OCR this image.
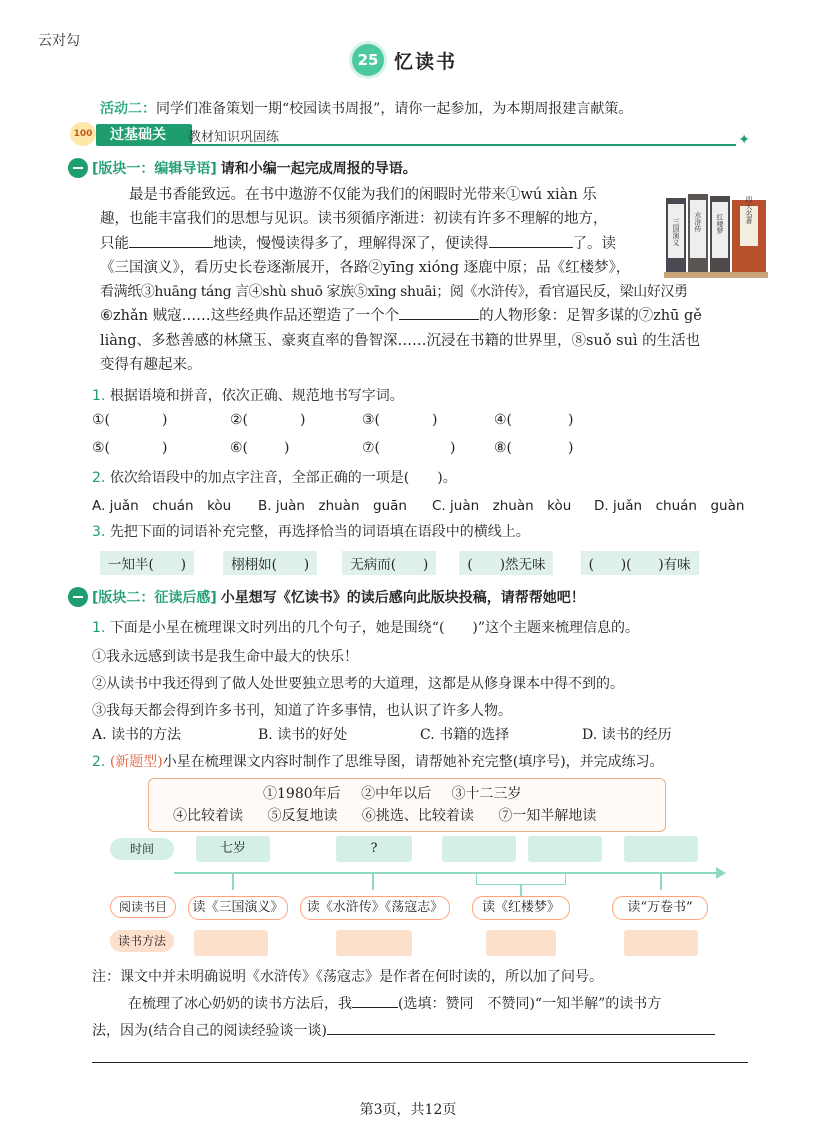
云对勾
25 忆读书
活动二：同学们准备策划一期“校园读书周报”，请你一起参加，为本期周报建言献策。
100	过基础关	教材知识巩固练	✦
[版块一：编辑导语] 请和小编一起完成周报的导语。
　　最是书香能致远。在书中遨游不仅能为我们的闲暇时光带来①wú xiàn 乐
趣，也能丰富我们的思想与见识。读书须循序渐进：初读有许多不理解的地方，
只能	地读，慢慢读得多了，理解得深了，便读得	了。读
《三国演义》，看历史长卷逐渐展开，各路②yīng xióng 逐鹿中原；品《红楼梦》，
看满纸③huāng táng 言④shù shuō 家族⑤xīng shuāi；阅《水浒传》，看官逼民反，梁山好汉勇
⑥zhǎn 贼寇……这些经典作品还塑造了一个个	的人物形象：足智多谋的⑦zhū gě
liàng、多愁善感的林黛玉、豪爽直率的鲁智深……沉浸在书籍的世界里，⑧suǒ suì 的生活也
变得有趣起来。
三国演义 水浒传 红楼梦	四大名著
1. 根据语境和拼音，依次正确、规范地书写字词。
①(	)	②(	)	③(	)	④(	)
⑤(	)	⑥(	)	⑦(	)	⑧(	)
2. 依次给语段中的加点字注音，全部正确的一项是(　　)。
A. juǎn　chuán　kòu B. juàn　zhuàn　guān C. juàn　zhuàn　kòu D. juǎn　chuán　guàn
3. 先把下面的词语补充完整，再选择恰当的词语填在语段中的横线上。
一知半(　　)	栩栩如(　　)	无病而(　　)	(　　)然无味	(　　)(　　)有味
[版块二：征读后感] 小星想写《忆读书》的读后感向此版块投稿，请帮帮她吧！
1. 下面是小星在梳理课文时列出的几个句子，她是围绕“(　　)”这个主题来梳理信息的。
①我永远感到读书是我生命中最大的快乐！
②从读书中我还得到了做人处世要独立思考的大道理，这都是从修身课本中得不到的。
③我每天都会得到许多书刊，知道了许多事情，也认识了许多人物。
A. 读书的方法	B. 读书的好处	C. 书籍的选择	D. 读书的经历
2. (新题型)小星在梳理课文内容时制作了思维导图，请帮她补充完整(填序号)，并完成练习。
①1980年后 ②中年以后 ③十二三岁
④比较着读 ⑤反复地读 ⑥挑选、比较着读 ⑦一知半解地读
时间	七岁	?
阅读书目	读《三国演义》	读《水浒传》《荡寇志》	读《红楼梦》	读“万卷书”
读书方法
注：课文中并未明确说明《水浒传》《荡寇志》是作者在何时读的，所以加了问号。
　　在梳理了冰心奶奶的读书方法后，我	(选填：赞同　不赞同)“一知半解”的读书方
法，因为(结合自己的阅读经验谈一谈)
第3页，共12页
